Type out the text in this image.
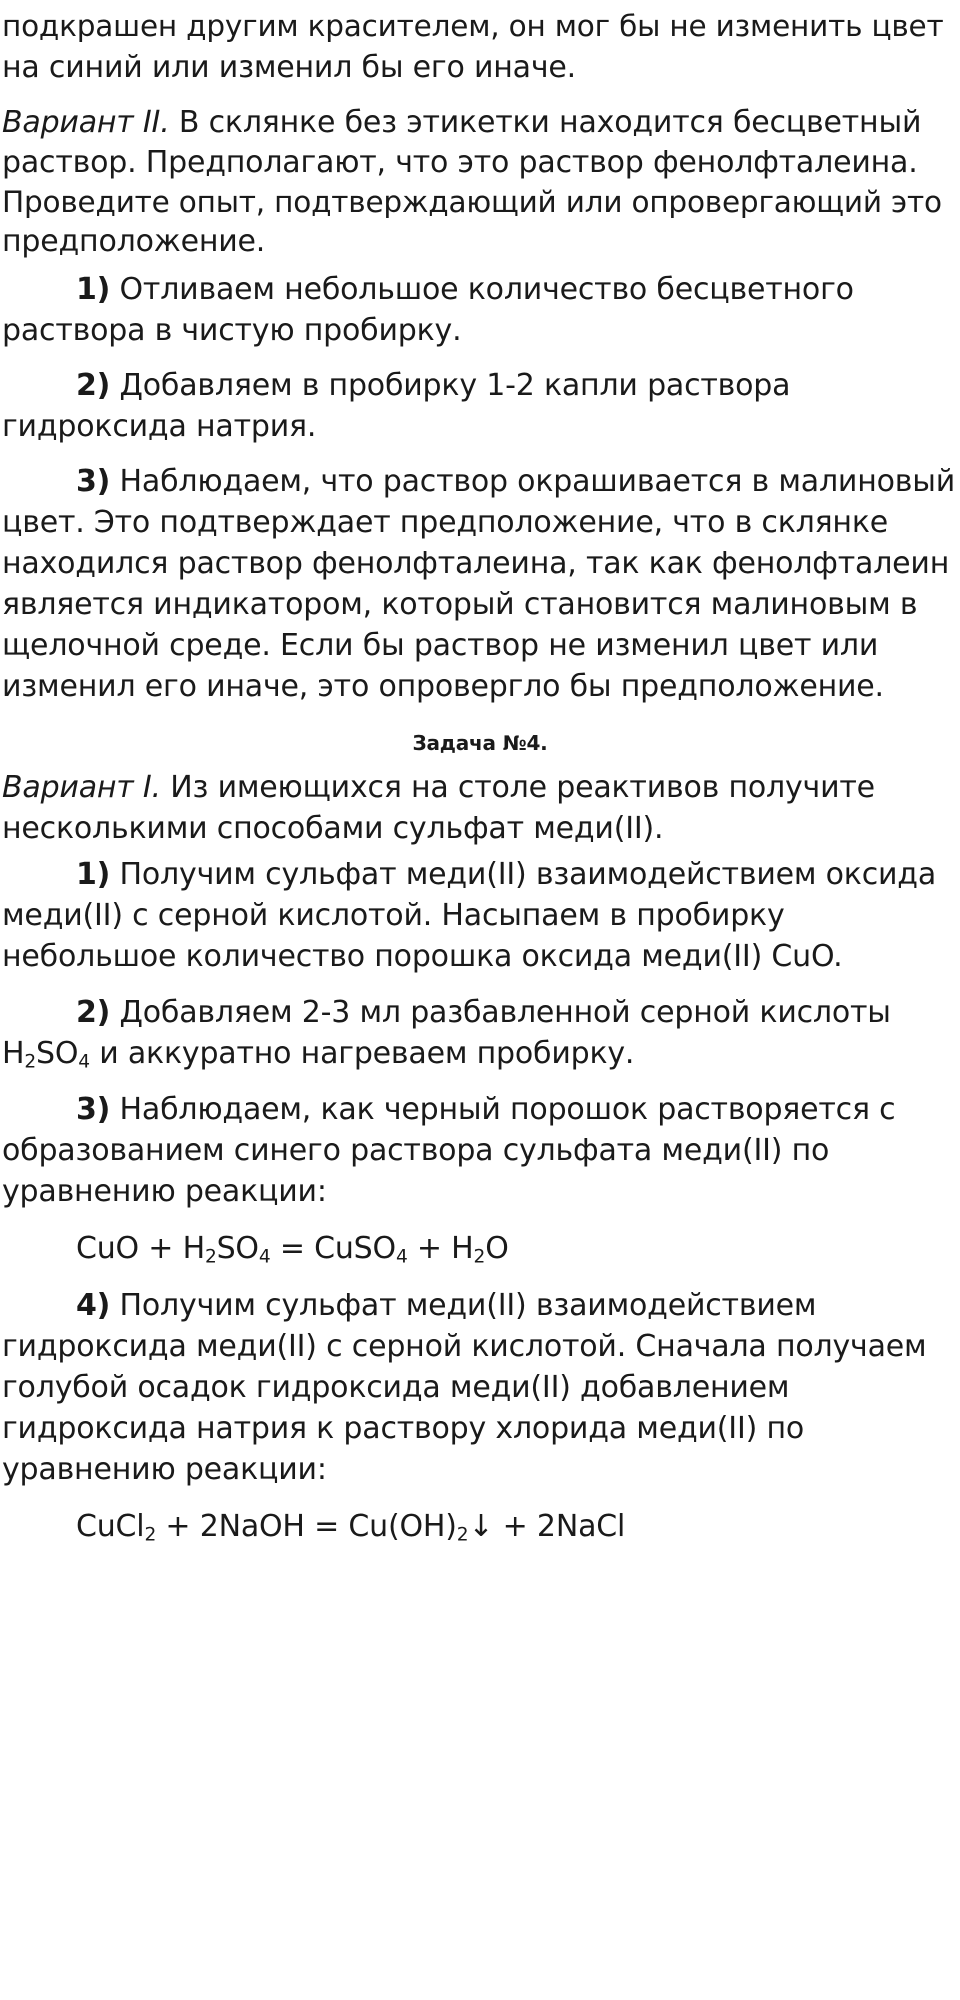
подкрашен другим красителем, он мог бы не изменить цвет
на синий или изменил бы его иначе.
Вариант II. В склянке без этикетки находится бесцветный
раствор. Предполагают, что это раствор фенолфталеина.
Проведите опыт, подтверждающий или опровергающий это
предположение.
1) Отливаем небольшое количество бесцветного
раствора в чистую пробирку.
2) Добавляем в пробирку 1-2 капли раствора
гидроксида натрия.
3) Наблюдаем, что раствор окрашивается в малиновый
цвет. Это подтверждает предположение, что в склянке
находился раствор фенолфталеина, так как фенолфталеин
является индикатором, который становится малиновым в
щелочной среде. Если бы раствор не изменил цвет или
изменил его иначе, это опровергло бы предположение.
Задача №4.
Вариант I. Из имеющихся на столе реактивов получите
несколькими способами сульфат меди(II).
1) Получим сульфат меди(II) взаимодействием оксида
меди(II) с серной кислотой. Насыпаем в пробирку
небольшое количество порошка оксида меди(II) CuO.
2) Добавляем 2-3 мл разбавленной серной кислоты
$H_2SO_4$ и аккуратно нагреваем пробирку.
3) Наблюдаем, как черный порошок растворяется с
образованием синего раствора сульфата меди(II) по
уравнению реакции:
CuO + $H_2SO_4$ = CuSO$_4$ + $H_2O$
4) Получим сульфат меди(II) взаимодействием
гидроксида меди(II) с серной кислотой. Сначала получаем
голубой осадок гидроксида меди(II) добавлением
гидроксида натрия к раствору хлорида меди(II) по
уравнению реакции:
CuCl$_2$ + 2NaOH = $Cu(OH)_2↓$ + 2NaCl
